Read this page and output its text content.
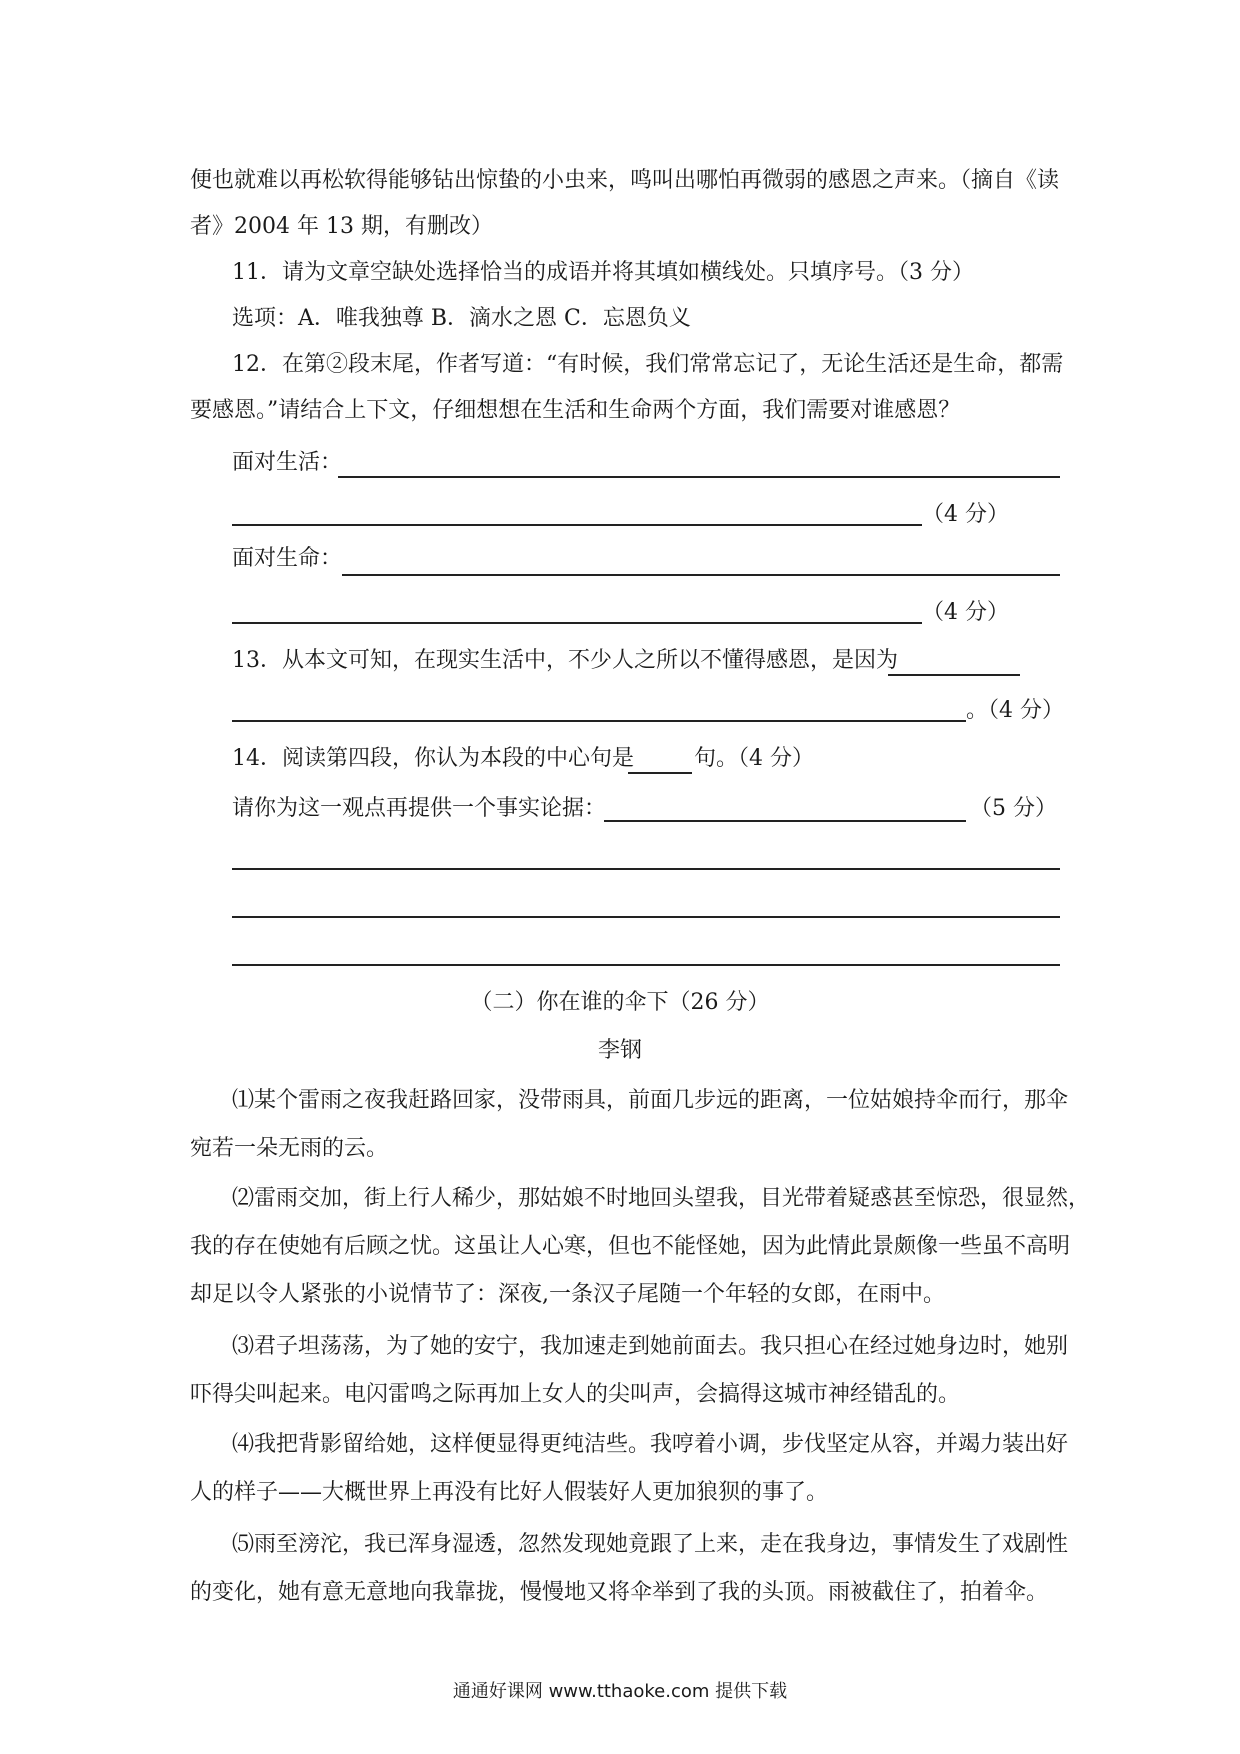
便也就难以再松软得能够钻出惊蛰的小虫来，鸣叫出哪怕再微弱的感恩之声来。（摘自《读
者》2004 年 13 期，有删改）
11．请为文章空缺处选择恰当的成语并将其填如横线处。只填序号。（3 分）
选项：A．唯我独尊 B．滴水之恩 C．忘恩负义
12．在第②段末尾，作者写道：“有时候，我们常常忘记了，无论生活还是生命，都需
要感恩。”请结合上下文，仔细想想在生活和生命两个方面，我们需要对谁感恩？
面对生活：
（4 分）
面对生命：
（4 分）
13．从本文可知，在现实生活中，不少人之所以不懂得感恩，是因为
。（4 分）
14．阅读第四段，你认为本段的中心句是	句。（4 分）
请你为这一观点再提供一个事实论据：	（5 分）
（二）你在谁的伞下（26 分）
李钢
⑴某个雷雨之夜我赶路回家，没带雨具，前面几步远的距离，一位姑娘持伞而行，那伞
宛若一朵无雨的云。
⑵雷雨交加，街上行人稀少，那姑娘不时地回头望我，目光带着疑惑甚至惊恐，很显然，
我的存在使她有后顾之忧。这虽让人心寒，但也不能怪她，因为此情此景颇像一些虽不高明
却足以令人紧张的小说情节了：深夜,一条汉子尾随一个年轻的女郎，在雨中。
⑶君子坦荡荡，为了她的安宁，我加速走到她前面去。我只担心在经过她身边时，她别
吓得尖叫起来。电闪雷鸣之际再加上女人的尖叫声，会搞得这城市神经错乱的。
⑷我把背影留给她，这样便显得更纯洁些。我哼着小调，步伐坚定从容，并竭力装出好
人的样子——大概世界上再没有比好人假装好人更加狼狈的事了。
⑸雨至滂沱，我已浑身湿透，忽然发现她竟跟了上来，走在我身边，事情发生了戏剧性
的变化，她有意无意地向我靠拢，慢慢地又将伞举到了我的头顶。雨被截住了，拍着伞。
通通好课网 www.tthaoke.com 提供下载
